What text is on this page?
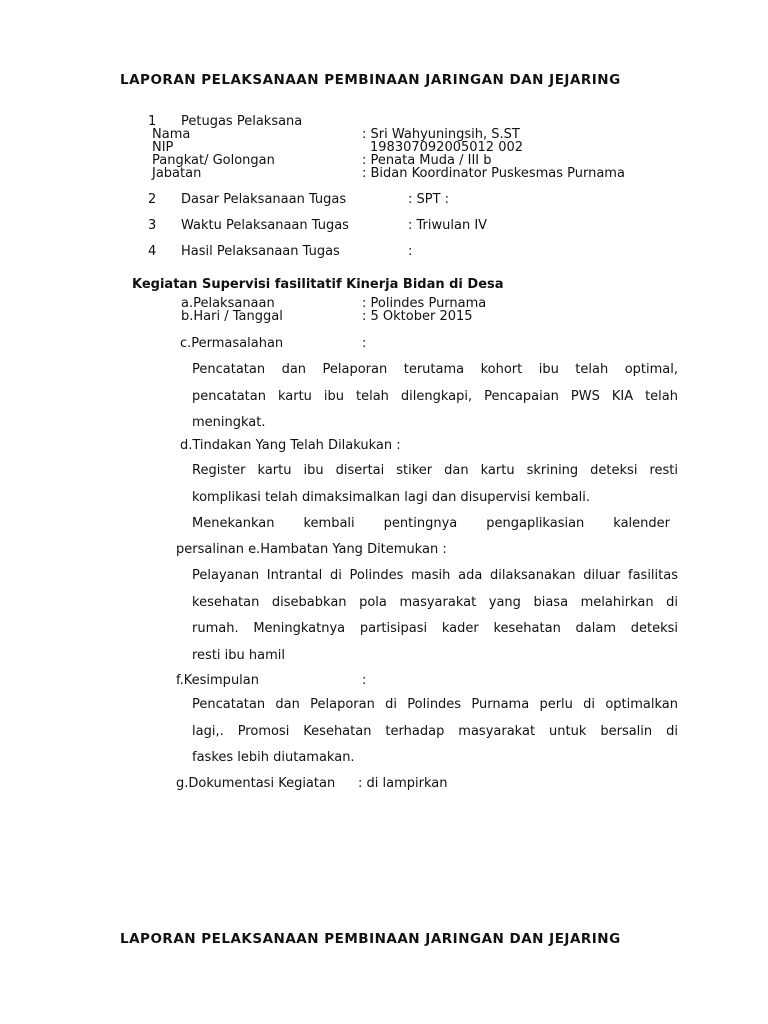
LAPORAN PELAKSANAAN PEMBINAAN JARINGAN DAN JEJARING
1 Petugas Pelaksana
Nama	: Sri Wahyuningsih, S.ST
NIP	198307092005012 002
Pangkat/ Golongan	: Penata Muda / III b
Jabatan	: Bidan Koordinator Puskesmas Purnama
2 Dasar Pelaksanaan Tugas	: SPT :
3 Waktu Pelaksanaan Tugas	: Triwulan IV
4 Hasil Pelaksanaan Tugas	:
Kegiatan Supervisi fasilitatif Kinerja Bidan di Desa
a.Pelaksanaan	: Polindes Purnama
b.Hari / Tanggal	: 5 Oktober 2015
c.Permasalahan	:
Pencatatan dan Pelaporan terutama kohort ibu telah optimal,
pencatatan kartu ibu telah dilengkapi, Pencapaian PWS KIA telah
meningkat.
d.Tindakan Yang Telah Dilakukan :
Register kartu ibu disertai stiker dan kartu skrining deteksi resti
komplikasi telah dimaksimalkan lagi dan disupervisi kembali.
Menekankan kembali pentingnya pengaplikasian kalender
persalinan e.Hambatan Yang Ditemukan :
Pelayanan Intrantal di Polindes masih ada dilaksanakan diluar fasilitas
kesehatan disebabkan pola masyarakat yang biasa melahirkan di
rumah. Meningkatnya partisipasi kader kesehatan dalam deteksi
resti ibu hamil
f.Kesimpulan	:
Pencatatan dan Pelaporan di Polindes Purnama perlu di optimalkan
lagi,. Promosi Kesehatan terhadap masyarakat untuk bersalin di
faskes lebih diutamakan.
g.Dokumentasi Kegiatan : di lampirkan
LAPORAN PELAKSANAAN PEMBINAAN JARINGAN DAN JEJARING
